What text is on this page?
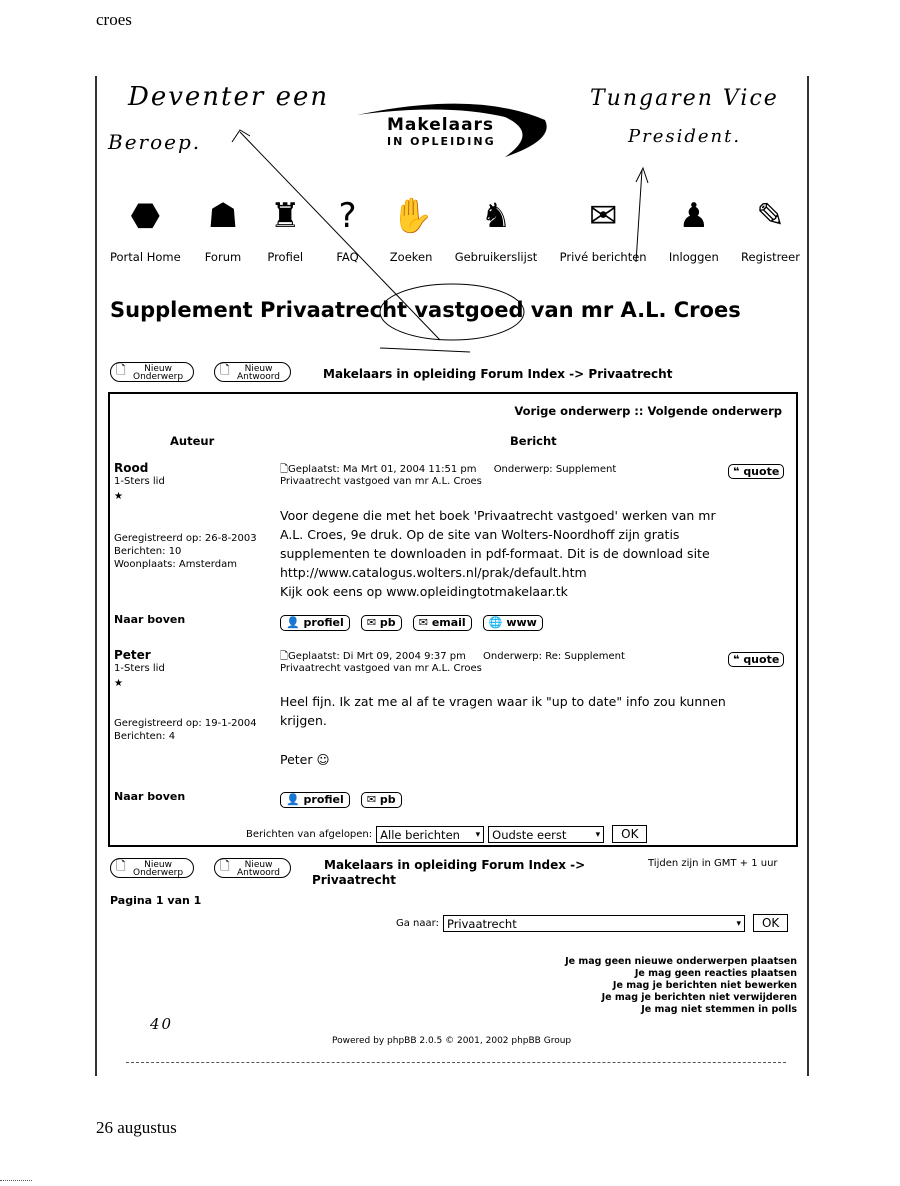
croes
26 augustus
Deventer een
Beroep.
Tungaren Vice
President.
40
Makelaars
IN OPLEIDING
⬣
Portal Home
☗
Forum
♜
Profiel
?
FAQ
✋
Zoeken
♞
Gebruikerslijst
✉
Privé berichten
♟
Inloggen
✎
Registreer
Supplement Privaatrecht vastgoed van mr A.L. Croes
🗋 Nieuw
Onderwerp	🗋 Nieuw
Antwoord	Makelaars in opleiding Forum Index -> Privaatrecht
Vorige onderwerp :: Volgende onderwerp
Auteur	Bericht
Rood
1-Sters lid
★
Geregistreerd op: 26-8-2003
Berichten: 10
Woonplaats: Amsterdam
Naar boven
🗋Geplaatst: Ma Mrt 01, 2004 11:51 pm Onderwerp: Supplement
Privaatrecht vastgoed van mr A.L. Croes
❝ quote
Voor degene die met het boek 'Privaatrecht vastgoed' werken van mr
A.L. Croes, 9e druk. Op de site van Wolters-Noordhoff zijn gratis
supplementen te downloaden in pdf-formaat. Dit is de download site
http://www.catalogus.wolters.nl/prak/default.htm
Kijk ook eens op www.opleidingtotmakelaar.tk
👤 profiel ✉ pb ✉ email 🌐 www
Peter
1-Sters lid
★
Geregistreerd op: 19-1-2004
Berichten: 4
Naar boven
🗋Geplaatst: Di Mrt 09, 2004 9:37 pm Onderwerp: Re: Supplement
Privaatrecht vastgoed van mr A.L. Croes
❝ quote
Heel fijn. Ik zat me al af te vragen waar ik "up to date" info zou kunnen
krijgen.
Peter ☺
👤 profiel ✉ pb
Berichten van afgelopen: Alle berichten ▾	Oudste eerst	▾	OK
🗋 Nieuw
Onderwerp	🗋 Nieuw
Antwoord
Makelaars in opleiding Forum Index ->
Privaatrecht
Tijden zijn in GMT + 1 uur
Pagina 1 van 1
Ga naar: Privaatrecht	▾	OK
Je mag geen nieuwe onderwerpen plaatsen
Je mag geen reacties plaatsen
Je mag je berichten niet bewerken
Je mag je berichten niet verwijderen
Je mag niet stemmen in polls
Powered by phpBB 2.0.5 © 2001, 2002 phpBB Group
